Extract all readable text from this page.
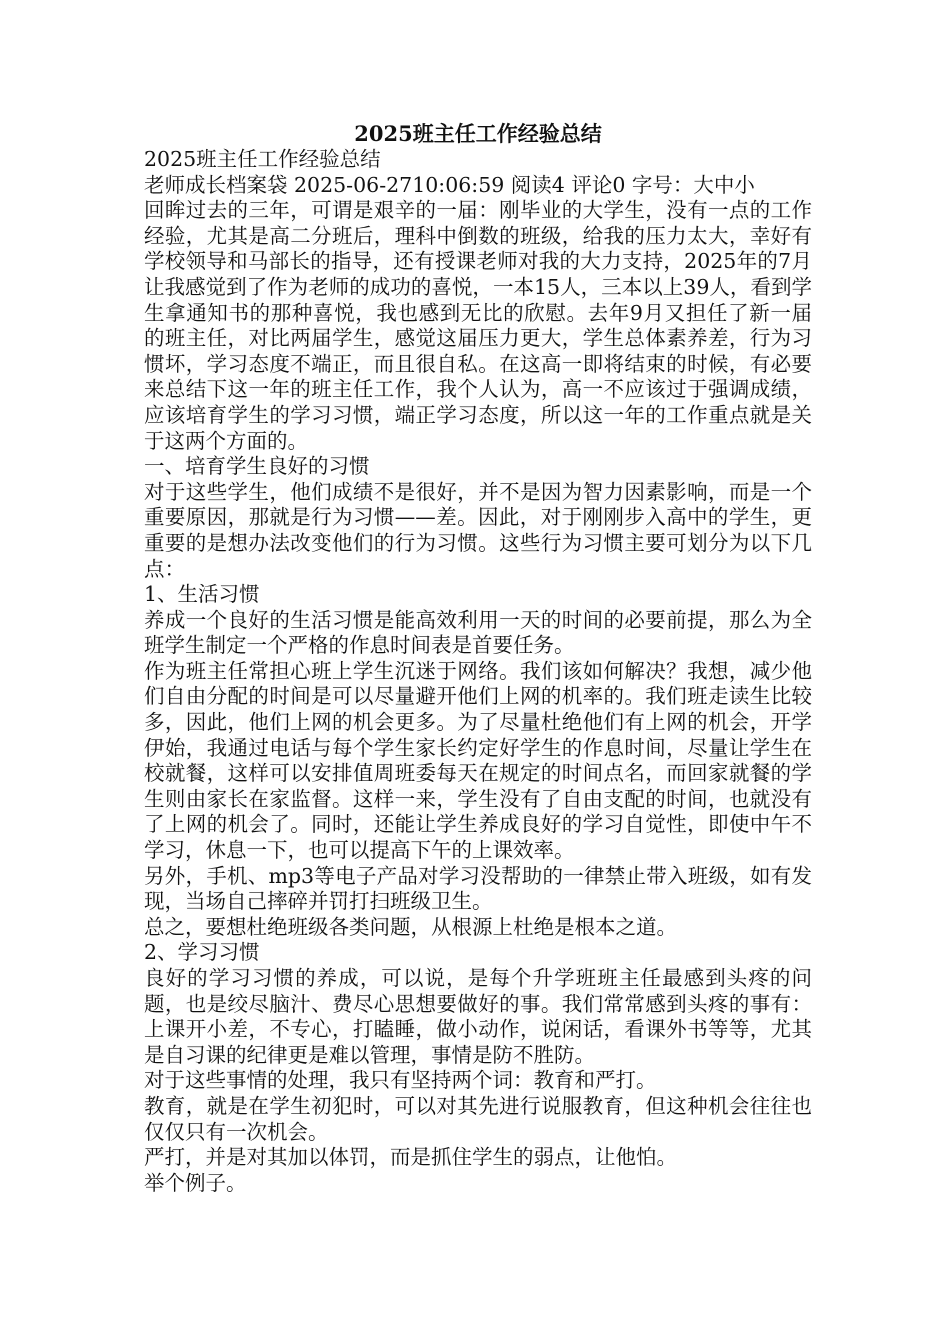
2025班主任工作经验总结

2025班主任工作经验总结

老师成长档案袋 2025-06-2710:06:59 阅读4 评论0 字号：大中小

回眸过去的三年，可谓是艰辛的一届：刚毕业的大学生，没有一点的工作经验，尤其是高二分班后，理科中倒数的班级，给我的压力太大，幸好有学校领导和马部长的指导，还有授课老师对我的大力支持，2025年的7月让我感觉到了作为老师的成功的喜悦，一本15人，三本以上39人，看到学生拿通知书的那种喜悦，我也感到无比的欣慰。去年9月又担任了新一届的班主任，对比两届学生，感觉这届压力更大，学生总体素养差，行为习惯坏，学习态度不端正，而且很自私。在这高一即将结束的时候，有必要来总结下这一年的班主任工作，我个人认为，高一不应该过于强调成绩，应该培育学生的学习习惯，端正学习态度，所以这一年的工作重点就是关于这两个方面的。

一、培育学生良好的习惯

对于这些学生，他们成绩不是很好，并不是因为智力因素影响，而是一个重要原因，那就是行为习惯——差。因此，对于刚刚步入高中的学生，更重要的是想办法改变他们的行为习惯。这些行为习惯主要可划分为以下几点：

1、生活习惯

养成一个良好的生活习惯是能高效利用一天的时间的必要前提，那么为全班学生制定一个严格的作息时间表是首要任务。

作为班主任常担心班上学生沉迷于网络。我们该如何解决？我想，减少他们自由分配的时间是可以尽量避开他们上网的机率的。我们班走读生比较多，因此，他们上网的机会更多。为了尽量杜绝他们有上网的机会，开学伊始，我通过电话与每个学生家长约定好学生的作息时间，尽量让学生在校就餐，这样可以安排值周班委每天在规定的时间点名，而回家就餐的学生则由家长在家监督。这样一来，学生没有了自由支配的时间，也就没有了上网的机会了。同时，还能让学生养成良好的学习自觉性，即使中午不学习，休息一下，也可以提高下午的上课效率。

另外，手机、mp3等电子产品对学习没帮助的一律禁止带入班级，如有发现，当场自己摔碎并罚打扫班级卫生。

总之，要想杜绝班级各类问题，从根源上杜绝是根本之道。

2、学习习惯

良好的学习习惯的养成，可以说，是每个升学班班主任最感到头疼的问题，也是绞尽脑汁、费尽心思想要做好的事。我们常常感到头疼的事有：上课开小差，不专心，打瞌睡，做小动作，说闲话，看课外书等等，尤其是自习课的纪律更是难以管理，事情是防不胜防。

对于这些事情的处理，我只有坚持两个词：教育和严打。

教育，就是在学生初犯时，可以对其先进行说服教育，但这种机会往往也仅仅只有一次机会。

严打，并是对其加以体罚，而是抓住学生的弱点，让他怕。

举个例子。
